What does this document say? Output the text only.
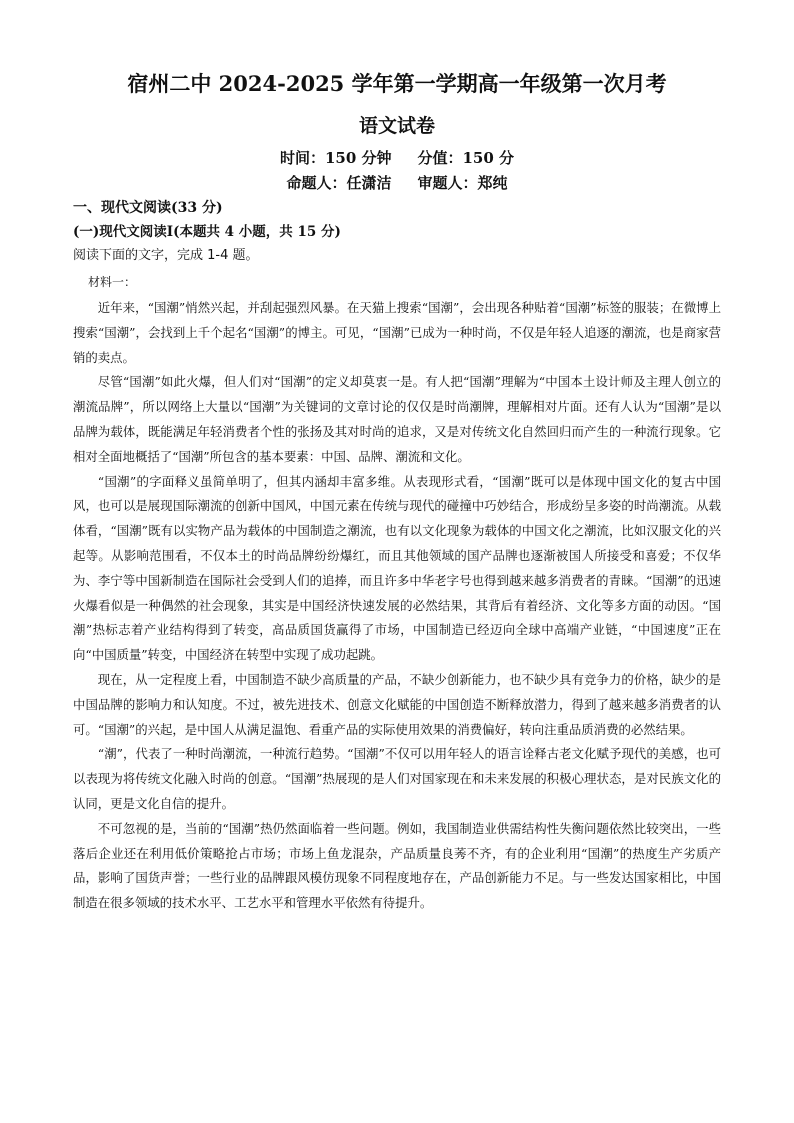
宿州二中 2024-2025 学年第一学期高一年级第一次月考
语文试卷
时间：150 分钟 分值：150 分
命题人：任潇洁 审题人：郑纯
一、现代文阅读(33 分)
(一)现代文阅读Ⅰ(本题共 4 小题，共 15 分)
阅读下面的文字，完成 1-4 题。
材料一：

近年来，“国潮”悄然兴起，并刮起强烈风暴。在天猫上搜索“国潮”，会出现各种贴着“国潮”标签的服装；在微博上搜索“国潮”，会找到上千个起名“国潮”的博主。可见，“国潮”已成为一种时尚，不仅是年轻人追逐的潮流，也是商家营销的卖点。

尽管“国潮”如此火爆，但人们对“国潮”的定义却莫衷一是。有人把“国潮”理解为“中国本土设计师及主理人创立的潮流品牌”，所以网络上大量以“国潮”为关键词的文章讨论的仅仅是时尚潮牌，理解相对片面。还有人认为“国潮”是以品牌为载体，既能满足年轻消费者个性的张扬及其对时尚的追求，又是对传统文化自然回归而产生的一种流行现象。它相对全面地概括了“国潮”所包含的基本要素：中国、品牌、潮流和文化。

“国潮”的字面释义虽简单明了，但其内涵却丰富多维。从表现形式看，“国潮”既可以是体现中国文化的复古中国风，也可以是展现国际潮流的创新中国风，中国元素在传统与现代的碰撞中巧妙结合，形成纷呈多姿的时尚潮流。从载体看，“国潮”既有以实物产品为载体的中国制造之潮流，也有以文化现象为载体的中国文化之潮流，比如汉服文化的兴起等。从影响范围看，不仅本土的时尚品牌纷纷爆红，而且其他领域的国产品牌也逐渐被国人所接受和喜爱；不仅华为、李宁等中国新制造在国际社会受到人们的追捧，而且许多中华老字号也得到越来越多消费者的青睐。“国潮”的迅速火爆看似是一种偶然的社会现象，其实是中国经济快速发展的必然结果，其背后有着经济、文化等多方面的动因。“国潮”热标志着产业结构得到了转变，高品质国货赢得了市场，中国制造已经迈向全球中高端产业链，“中国速度”正在向“中国质量”转变，中国经济在转型中实现了成功起跳。

现在，从一定程度上看，中国制造不缺少高质量的产品，不缺少创新能力，也不缺少具有竞争力的价格，缺少的是中国品牌的影响力和认知度。不过，被先进技术、创意文化赋能的中国创造不断释放潜力，得到了越来越多消费者的认可。“国潮”的兴起，是中国人从满足温饱、看重产品的实际使用效果的消费偏好，转向注重品质消费的必然结果。

“潮”，代表了一种时尚潮流，一种流行趋势。“国潮”不仅可以用年轻人的语言诠释古老文化赋予现代的美感，也可以表现为将传统文化融入时尚的创意。“国潮”热展现的是人们对国家现在和未来发展的积极心理状态，是对民族文化的认同，更是文化自信的提升。

不可忽视的是，当前的“国潮”热仍然面临着一些问题。例如，我国制造业供需结构性失衡问题依然比较突出，一些落后企业还在利用低价策略抢占市场；市场上鱼龙混杂，产品质量良莠不齐，有的企业利用“国潮”的热度生产劣质产品，影响了国货声誉；一些行业的品牌跟风模仿现象不同程度地存在，产品创新能力不足。与一些发达国家相比，中国制造在很多领域的技术水平、工艺水平和管理水平依然有待提升。
